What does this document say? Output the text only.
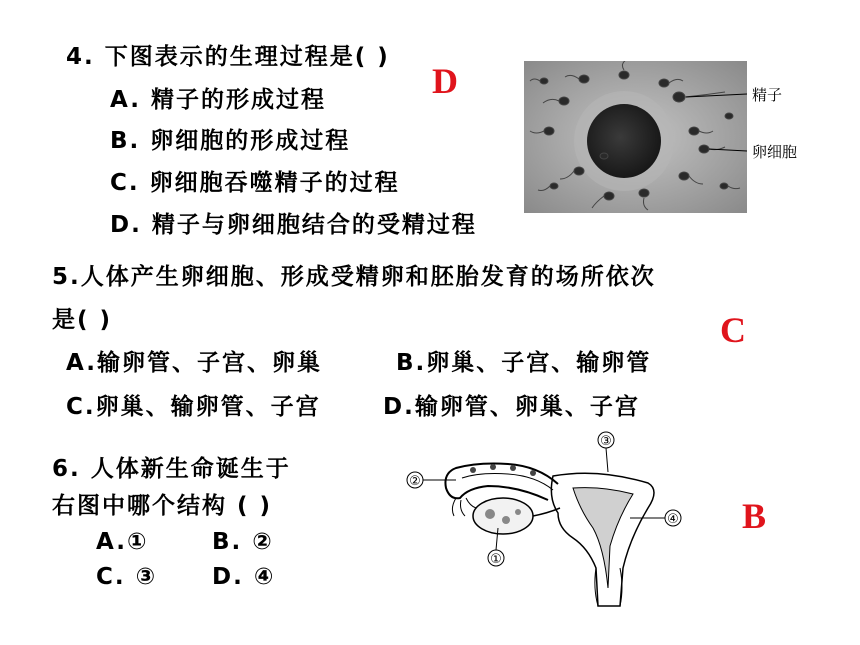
4. 下图表示的生理过程是( )
A. 精子的形成过程
B. 卵细胞的形成过程
C. 卵细胞吞噬精子的过程
D. 精子与卵细胞结合的受精过程
D	精子
卵细胞
5.人体产生卵细胞、形成受精卵和胚胎发育的场所依次
是( )	C
A.输卵管、子宫、卵巢	B.卵巢、子宫、输卵管
C.卵巢、输卵管、子宫	D.输卵管、卵巢、子宫
6. 人体新生命诞生于
右图中哪个结构 ( )
A.①	B. ②
C. ③ D. ④
B
③
②
④
①
